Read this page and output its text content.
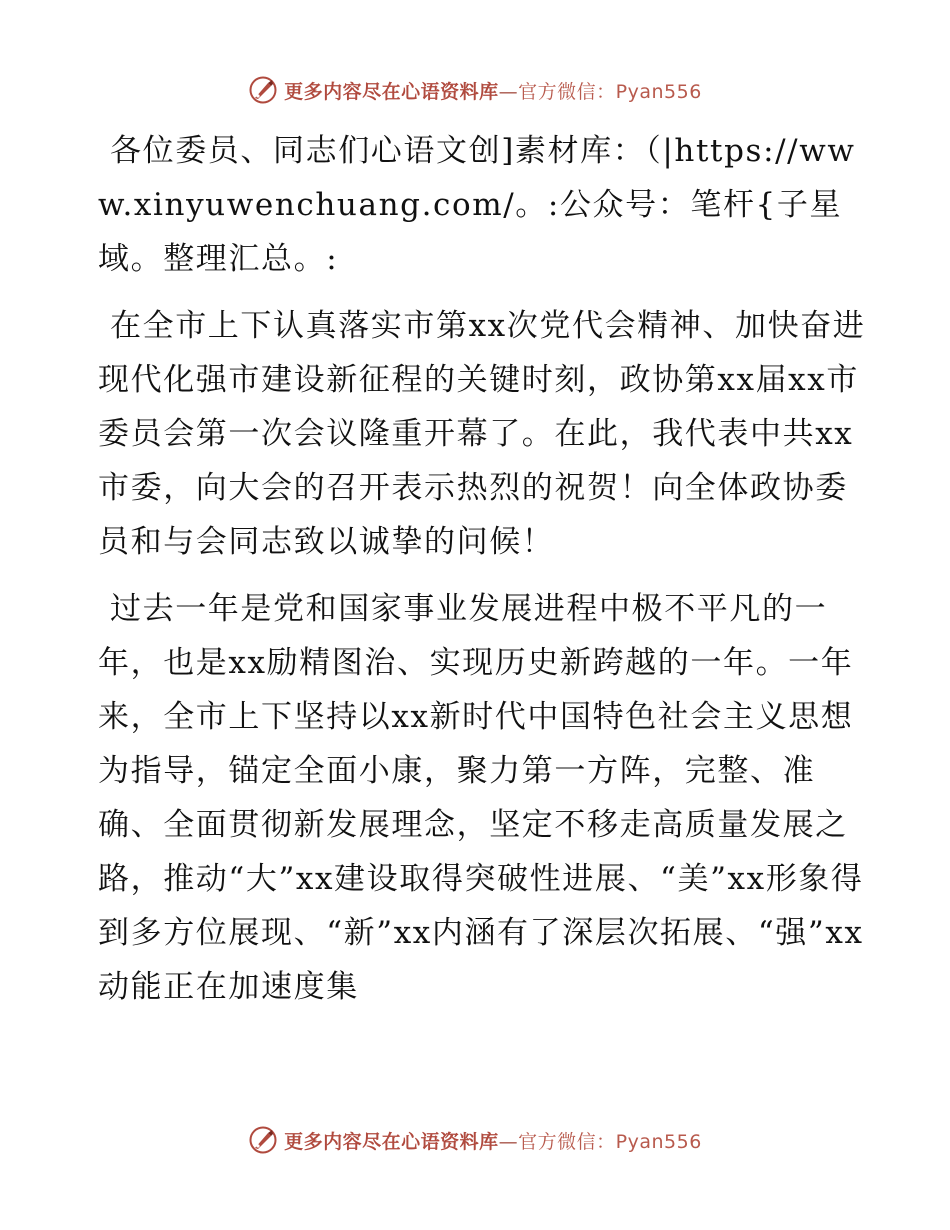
更多内容尽在心语资料库—官方微信：Pyan556

各位委员、同志们心语文创]素材库：（|https://www.xinyuwenchuang.com/。:公众号：笔杆{子星域。整理汇总。:

在全市上下认真落实市第xx次党代会精神、加快奋进现代化强市建设新征程的关键时刻，政协第xx届xx市委员会第一次会议隆重开幕了。在此，我代表中共xx市委，向大会的召开表示热烈的祝贺！向全体政协委员和与会同志致以诚挚的问候！

过去一年是党和国家事业发展进程中极不平凡的一年，也是xx励精图治、实现历史新跨越的一年。一年来，全市上下坚持以xx新时代中国特色社会主义思想为指导，锚定全面小康，聚力第一方阵，完整、准确、全面贯彻新发展理念，坚定不移走高质量发展之路，推动“大”xx建设取得突破性进展、“美”xx形象得到多方位展现、“新”xx内涵有了深层次拓展、“强”xx动能正在加速度集

更多内容尽在心语资料库—官方微信：Pyan556
